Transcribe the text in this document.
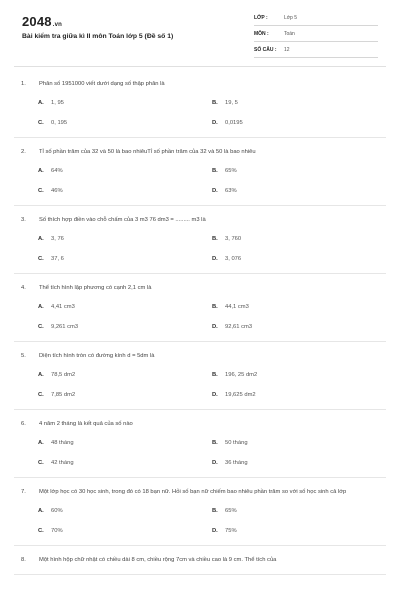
2048.vn
Bài kiểm tra giữa kì II môn Toán lớp 5 (Đề số 1)
LỚP :	Lớp 5
MÔN :	Toán
SỐ CÂU : 12
1. Phân số 1951000 viết dưới dạng số thập phân là
A. 1, 95	B. 19, 5
C. 0, 195	D. 0,0195
2. Tỉ số phần trăm của 32 và 50 là bao nhiêuTỉ số phần trăm của 32 và 50 là bao nhiêu
A. 64%	B. 65%
C. 46%	D. 63%
3. Số thích hợp điền vào chỗ chấm của 3 m3 76 dm3 = ......... m3 là
A. 3, 76	B. 3, 760
C. 37, 6	D. 3, 076
4. Thể tích hình lập phương có cạnh 2,1 cm là
A. 4,41 cm3	B. 44,1 cm3
C. 9,261 cm3	D. 92,61 cm3
5. Diện tích hình tròn có đường kính d = 5dm là
A. 78,5 dm2	B. 196, 25 dm2
C. 7,85 dm2	D. 19,625 dm2
6. 4 năm 2 tháng là kết quả của số nào
A. 48 tháng	B. 50 tháng
C. 42 tháng	D. 36 tháng
7. Một lớp học có 30 học sinh, trong đó có 18 bạn nữ. Hỏi số bạn nữ chiếm bao nhiêu phần trăm so với số học sinh cả lớp
A. 60%	B. 65%
C. 70%	D. 75%
8. Một hình hộp chữ nhật có chiều dài 8 cm, chiều rộng 7cm và chiều cao là 9 cm. Thể tích của
